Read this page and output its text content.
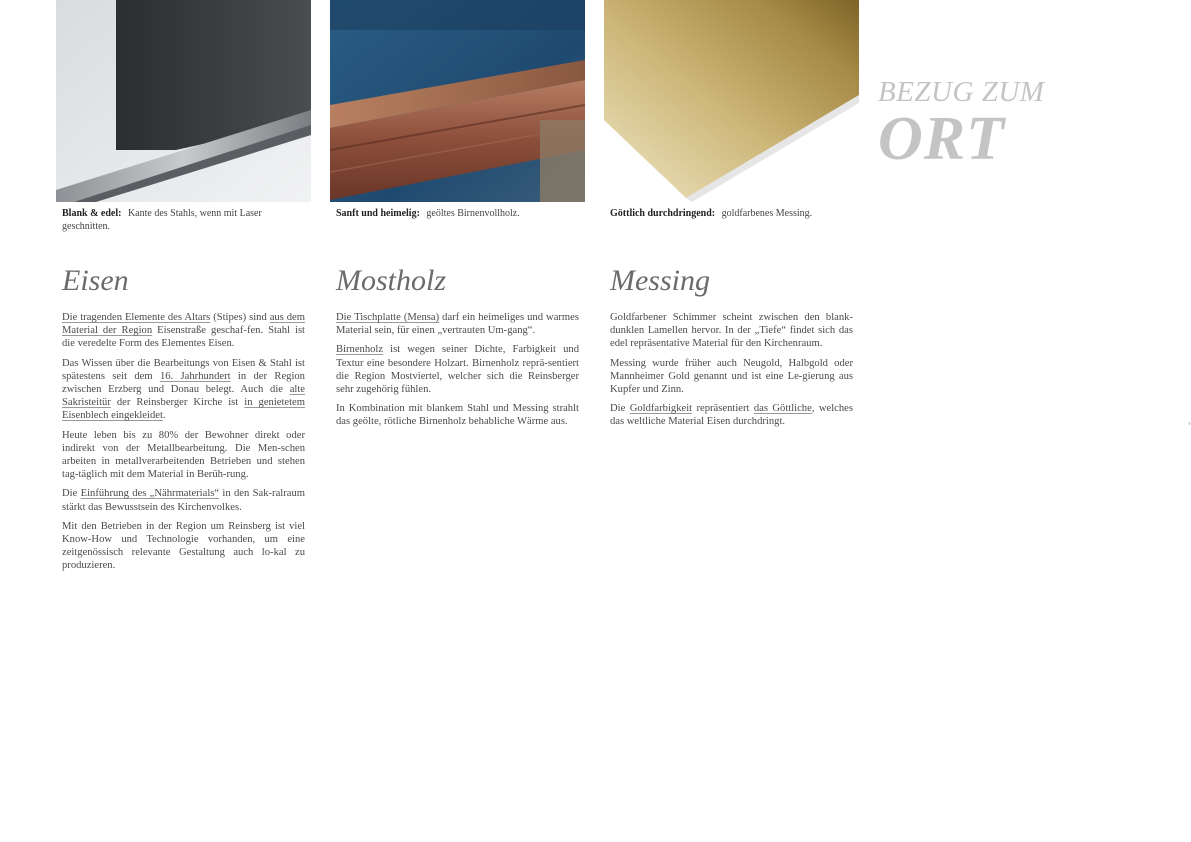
Blank & edel: Kante des Stahls, wenn mit Laser geschnitten.
Eisen

Die tragenden Elemente des Altars (Stipes) sind aus dem Material der Region Eisenstraße geschaf-fen. Stahl ist die veredelte Form des Elementes Eisen.

Das Wissen über die Bearbeitungs von Eisen & Stahl ist spätestens seit dem 16. Jahrhundert in der Region zwischen Erzberg und Donau belegt. Auch die alte Sakristeitür der Reinsberger Kirche ist in genietetem Eisenblech eingekleidet.

Heute leben bis zu 80% der Bewohner direkt oder indirekt von der Metallbearbeitung. Die Men-schen arbeiten in metallverarbeitenden Betrieben und stehen tag-täglich mit dem Material in Berüh-rung.

Die Einführung des „Nährmaterials“ in den Sak-ralraum stärkt das Bewusstsein des Kirchenvolkes.

Mit den Betrieben in der Region um Reinsberg ist viel Know-How und Technologie vorhanden, um eine zeitgenössisch relevante Gestaltung auch lo-kal zu produzieren.

Sanft und heimelig: geöltes Birnenvollholz.
Mostholz

Die Tischplatte (Mensa) darf ein heimeliges und warmes Material sein, für einen „vertrauten Um-gang“.

Birnenholz ist wegen seiner Dichte, Farbigkeit und Textur eine besondere Holzart. Birnenholz reprä-sentiert die Region Mostviertel, welcher sich die Reinsberger sehr zugehörig fühlen.

In Kombination mit blankem Stahl und Messing strahlt das geölte, rötliche Birnenholz behabliche Wärme aus.

Göttlich durchdringend: goldfarbenes Messing.
Messing

Goldfarbener Schimmer scheint zwischen den blank-dunklen Lamellen hervor. In der „Tiefe“ findet sich das edel repräsentative Material für den Kirchenraum.

Messing wurde früher auch Neugold, Halbgold oder Mannheimer Gold genannt und ist eine Le-gierung aus Kupfer und Zinn.

Die Goldfarbigkeit repräsentiert das Göttliche, welches das weltliche Material Eisen durchdringt.

BEZUG ZUM
ORT
